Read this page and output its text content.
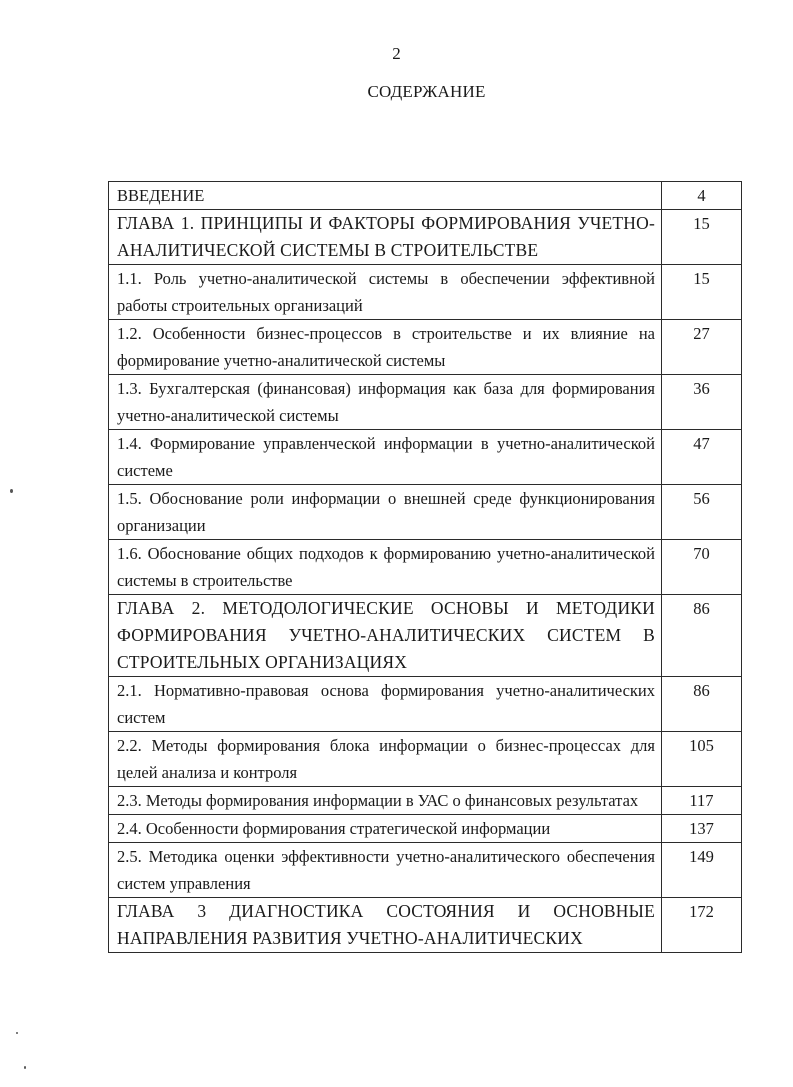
2
СОДЕРЖАНИЕ
ВВЕДЕНИЕ	4
ГЛАВА 1. ПРИНЦИПЫ И ФАКТОРЫ ФОРМИРОВАНИЯ УЧЕТНО-АНАЛИТИЧЕСКОЙ СИСТЕМЫ В СТРОИТЕЛЬСТВЕ	15
1.1. Роль учетно-аналитической системы в обеспечении эффективной работы строительных организаций	15
1.2. Особенности бизнес-процессов в строительстве и их влияние на формирование учетно-аналитической системы	27
1.3. Бухгалтерская (финансовая) информация как база для формирования учетно-аналитической системы	36
1.4. Формирование управленческой информации в учетно-аналитической системе	47
1.5. Обоснование роли информации о внешней среде функционирования организации	56
1.6. Обоснование общих подходов к формированию учетно-аналитической системы в строительстве	70
ГЛАВА 2. МЕТОДОЛОГИЧЕСКИЕ ОСНОВЫ И МЕТОДИКИ ФОРМИРОВАНИЯ УЧЕТНО-АНАЛИТИЧЕСКИХ СИСТЕМ В СТРОИТЕЛЬНЫХ ОРГАНИЗАЦИЯХ	86
2.1. Нормативно-правовая основа формирования учетно-аналитических систем	86
2.2. Методы формирования блока информации о бизнес-процессах для целей анализа и контроля	105
2.3. Методы формирования информации в УАС о финансовых результатах	117
2.4. Особенности формирования стратегической информации	137
2.5. Методика оценки эффективности учетно-аналитического обеспечения систем управления	149
ГЛАВА 3 ДИАГНОСТИКА СОСТОЯНИЯ И ОСНОВНЫЕ НАПРАВЛЕНИЯ РАЗВИТИЯ УЧЕТНО-АНАЛИТИЧЕСКИХ	172
